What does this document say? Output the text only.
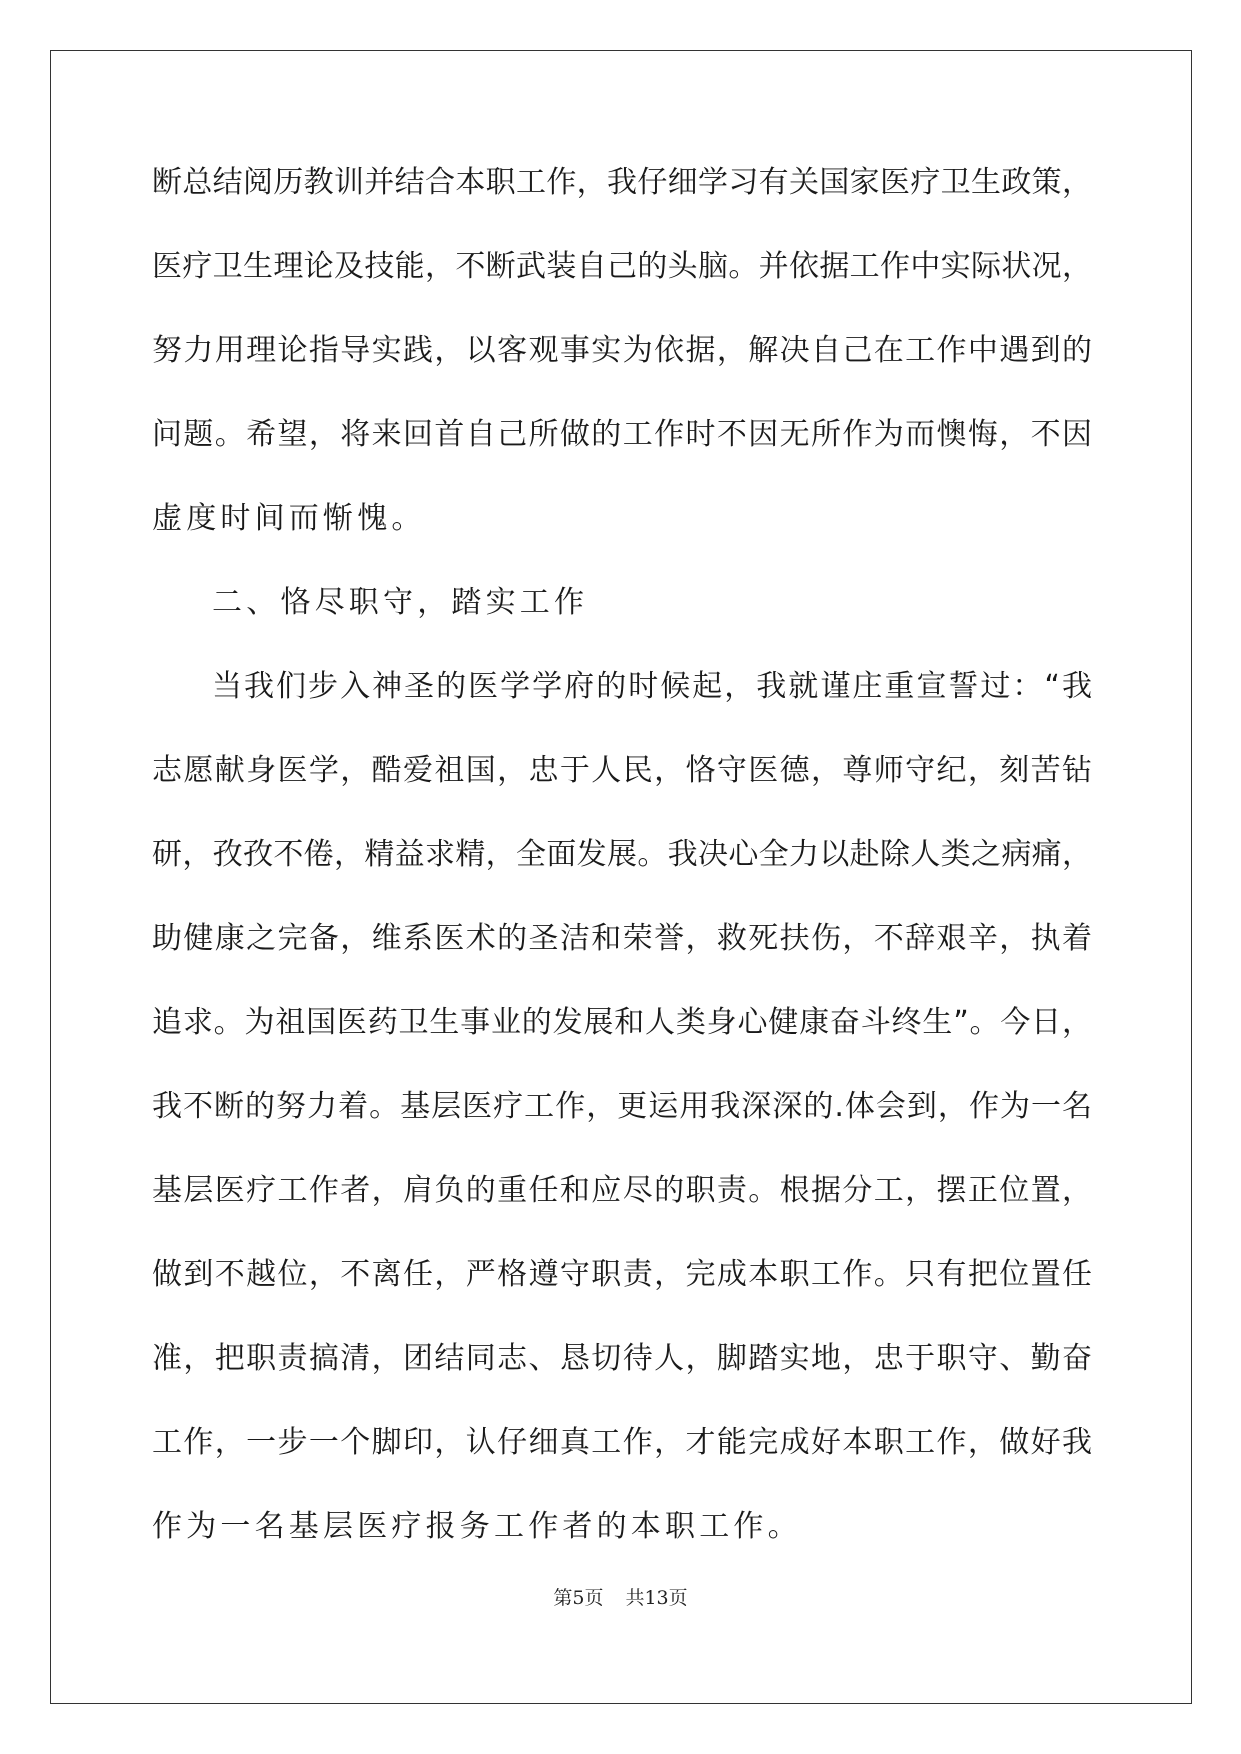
断总结阅历教训并结合本职工作，我仔细学习有关国家医疗卫生政策，
医疗卫生理论及技能，不断武装自己的头脑。并依据工作中实际状况，
努力用理论指导实践，以客观事实为依据，解决自己在工作中遇到的
问题。希望，将来回首自己所做的工作时不因无所作为而懊悔，不因
虚度时间而惭愧。
二、恪尽职守，踏实工作
当我们步入神圣的医学学府的时候起，我就谨庄重宣誓过：“我
志愿献身医学，酷爱祖国，忠于人民，恪守医德，尊师守纪，刻苦钻
研，孜孜不倦，精益求精，全面发展。我决心全力以赴除人类之病痛，
助健康之完备，维系医术的圣洁和荣誉，救死扶伤，不辞艰辛，执着
追求。为祖国医药卫生事业的发展和人类身心健康奋斗终生”。今日，
我不断的努力着。基层医疗工作，更运用我深深的.体会到，作为一名
基层医疗工作者，肩负的重任和应尽的职责。根据分工，摆正位置，
做到不越位，不离任，严格遵守职责，完成本职工作。只有把位置任
准，把职责搞清，团结同志、恳切待人，脚踏实地，忠于职守、勤奋
工作，一步一个脚印，认仔细真工作，才能完成好本职工作，做好我
作为一名基层医疗报务工作者的本职工作。
第5页 共13页
